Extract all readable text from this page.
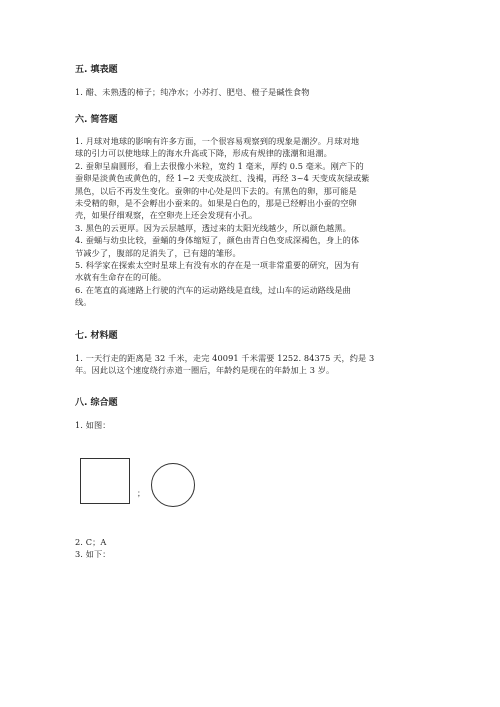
五. 填表题

1. 醋、未熟透的柿子；纯净水；小苏打、肥皂、橙子是碱性食物

六. 简答题

1. 月球对地球的影响有许多方面，一个很容易观察到的现象是潮汐。月球对地

球的引力可以使地球上的海水升高或下降，形成有规律的涨潮和退潮。

2. 蚕卵呈扁圆形，看上去很像小米粒，宽约 1 毫米，厚约 0.5 毫米。刚产下的

蚕卵是淡黄色或黄色的，经 1~2 天变成淡红、浅褐，再经 3~4 天变成灰绿或紫

黑色，以后不再发生变化。蚕卵的中心处是凹下去的。有黑色的卵，那可能是

未受精的卵，是不会孵出小蚕来的。如果是白色的，那是已经孵出小蚕的空卵

壳，如果仔细观察，在空卵壳上还会发现有小孔。

3. 黑色的云更厚。因为云层越厚，透过来的太阳光线越少，所以颜色越黑。

4. 蚕蛹与幼虫比较，蚕蛹的身体缩短了，颜色由青白色变成深褐色，身上的体

节减少了，腹部的足消失了，已有翅的雏形。

5. 科学家在探索太空时星球上有没有水的存在是一项非常重要的研究，因为有

水就有生命存在的可能。

6. 在笔直的高速路上行驶的汽车的运动路线是直线，过山车的运动路线是曲

线。

七. 材料题

1. 一天行走的距离是 32 千米，走完 40091 千米需要 1252. 84375 天，约是 3

年。因此以这个速度绕行赤道一圈后，年龄约是现在的年龄加上 3 岁。

八. 综合题
1. 如图：
；

2. C；A

3. 如下：
